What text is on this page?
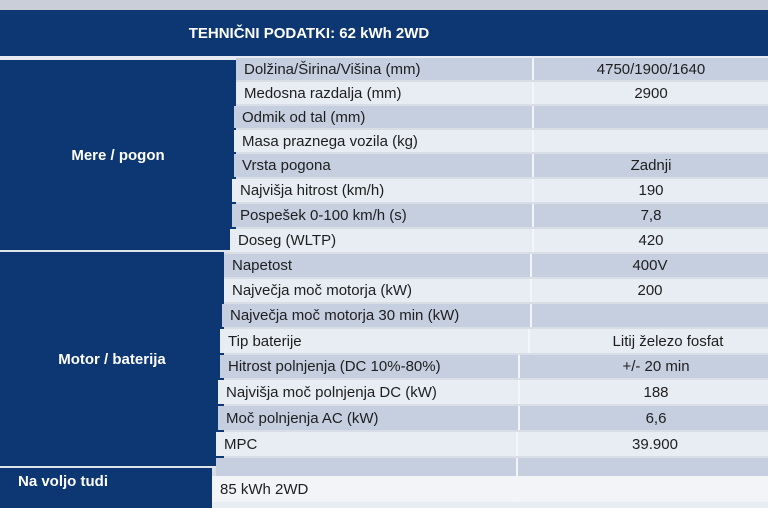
TEHNIČNI PODATKI: 62 kWh 2WD
Mere / pogon
Motor / baterija
Na voljo tudi
Dolžina/Širina/Višina (mm)	4750/1900/1640
Medosna razdalja (mm)	2900
Odmik od tal (mm)
Masa praznega vozila (kg)
Vrsta pogona	Zadnji
Najvišja hitrost (km/h)	190
Pospešek 0-100 km/h (s)	7,8
Doseg (WLTP)	420
Napetost	400V
Največja moč motorja (kW)	200
Največja moč motorja 30 min (kW)
Tip baterije	Litij železo fosfat
Hitrost polnjenja (DC 10%-80%)	+/- 20 min
Najvišja moč polnjenja DC (kW)	188
Moč polnjenja AC (kW)	6,6
MPC	39.900
85 kWh 2WD
